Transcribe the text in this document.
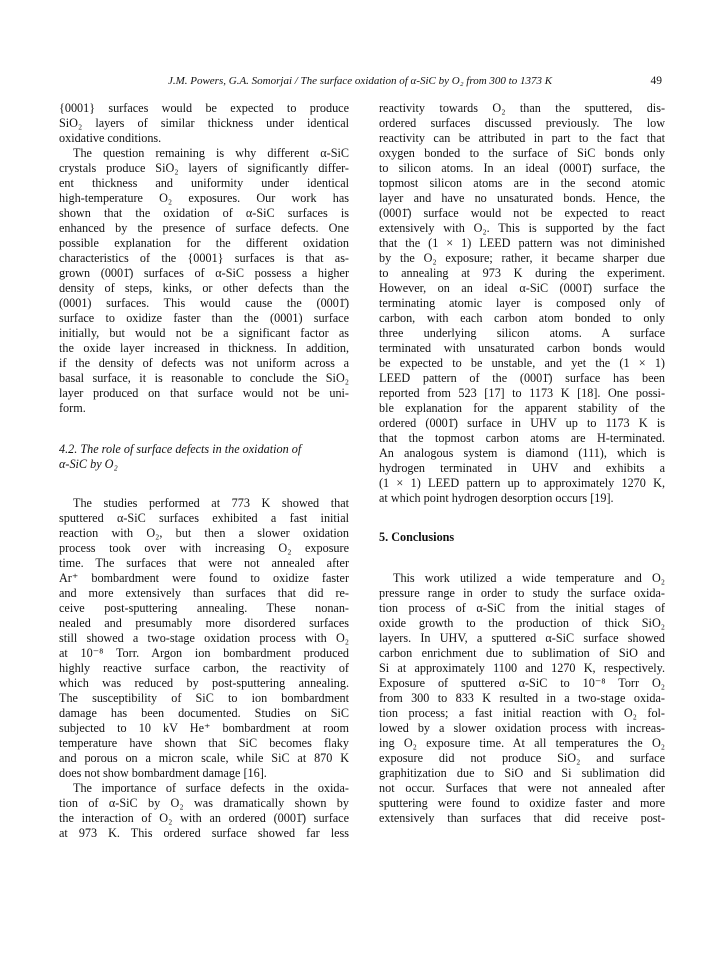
J.M. Powers, G.A. Somorjai / The surface oxidation of α-SiC by O₂ from 300 to 1373 K	49
{0001} surfaces would be expected to produce
SiO₂ layers of similar thickness under identical
oxidative conditions.
The question remaining is why different α-SiC
crystals produce SiO₂ layers of significantly differ-
ent thickness and uniformity under identical
high-temperature O₂ exposures. Our work has
shown that the oxidation of α-SiC surfaces is
enhanced by the presence of surface defects. One
possible explanation for the different oxidation
characteristics of the {0001} surfaces is that as-
grown (0001̄) surfaces of α-SiC possess a higher
density of steps, kinks, or other defects than the
(0001) surfaces. This would cause the (0001̄)
surface to oxidize faster than the (0001) surface
initially, but would not be a significant factor as
the oxide layer increased in thickness. In addition,
if the density of defects was not uniform across a
basal surface, it is reasonable to conclude the SiO₂
layer produced on that surface would not be uni-
form.
4.2. The role of surface defects in the oxidation of
α-SiC by O₂
The studies performed at 773 K showed that
sputtered α-SiC surfaces exhibited a fast initial
reaction with O₂, but then a slower oxidation
process took over with increasing O₂ exposure
time. The surfaces that were not annealed after
Ar⁺ bombardment were found to oxidize faster
and more extensively than surfaces that did re-
ceive post-sputtering annealing. These nonan-
nealed and presumably more disordered surfaces
still showed a two-stage oxidation process with O₂
at 10⁻⁸ Torr. Argon ion bombardment produced
highly reactive surface carbon, the reactivity of
which was reduced by post-sputtering annealing.
The susceptibility of SiC to ion bombardment
damage has been documented. Studies on SiC
subjected to 10 kV He⁺ bombardment at room
temperature have shown that SiC becomes flaky
and porous on a micron scale, while SiC at 870 K
does not show bombardment damage [16].
The importance of surface defects in the oxida-
tion of α-SiC by O₂ was dramatically shown by
the interaction of O₂ with an ordered (0001̄) surface
at 973 K. This ordered surface showed far less
reactivity towards O₂ than the sputtered, dis-
ordered surfaces discussed previously. The low
reactivity can be attributed in part to the fact that
oxygen bonded to the surface of SiC bonds only
to silicon atoms. In an ideal (0001̄) surface, the
topmost silicon atoms are in the second atomic
layer and have no unsaturated bonds. Hence, the
(0001̄) surface would not be expected to react
extensively with O₂. This is supported by the fact
that the (1 × 1) LEED pattern was not diminished
by the O₂ exposure; rather, it became sharper due
to annealing at 973 K during the experiment.
However, on an ideal α-SiC (0001̄) surface the
terminating atomic layer is composed only of
carbon, with each carbon atom bonded to only
three underlying silicon atoms. A surface
terminated with unsaturated carbon bonds would
be expected to be unstable, and yet the (1 × 1)
LEED pattern of the (0001̄) surface has been
reported from 523 [17] to 1173 K [18]. One possi-
ble explanation for the apparent stability of the
ordered (0001̄) surface in UHV up to 1173 K is
that the topmost carbon atoms are H-terminated.
An analogous system is diamond (111), which is
hydrogen terminated in UHV and exhibits a
(1 × 1) LEED pattern up to approximately 1270 K,
at which point hydrogen desorption occurs [19].
5. Conclusions
This work utilized a wide temperature and O₂
pressure range in order to study the surface oxida-
tion process of α-SiC from the initial stages of
oxide growth to the production of thick SiO₂
layers. In UHV, a sputtered α-SiC surface showed
carbon enrichment due to sublimation of SiO and
Si at approximately 1100 and 1270 K, respectively.
Exposure of sputtered α-SiC to 10⁻⁸ Torr O₂
from 300 to 833 K resulted in a two-stage oxida-
tion process; a fast initial reaction with O₂ fol-
lowed by a slower oxidation process with increas-
ing O₂ exposure time. At all temperatures the O₂
exposure did not produce SiO₂ and surface
graphitization due to SiO and Si sublimation did
not occur. Surfaces that were not annealed after
sputtering were found to oxidize faster and more
extensively than surfaces that did receive post-
